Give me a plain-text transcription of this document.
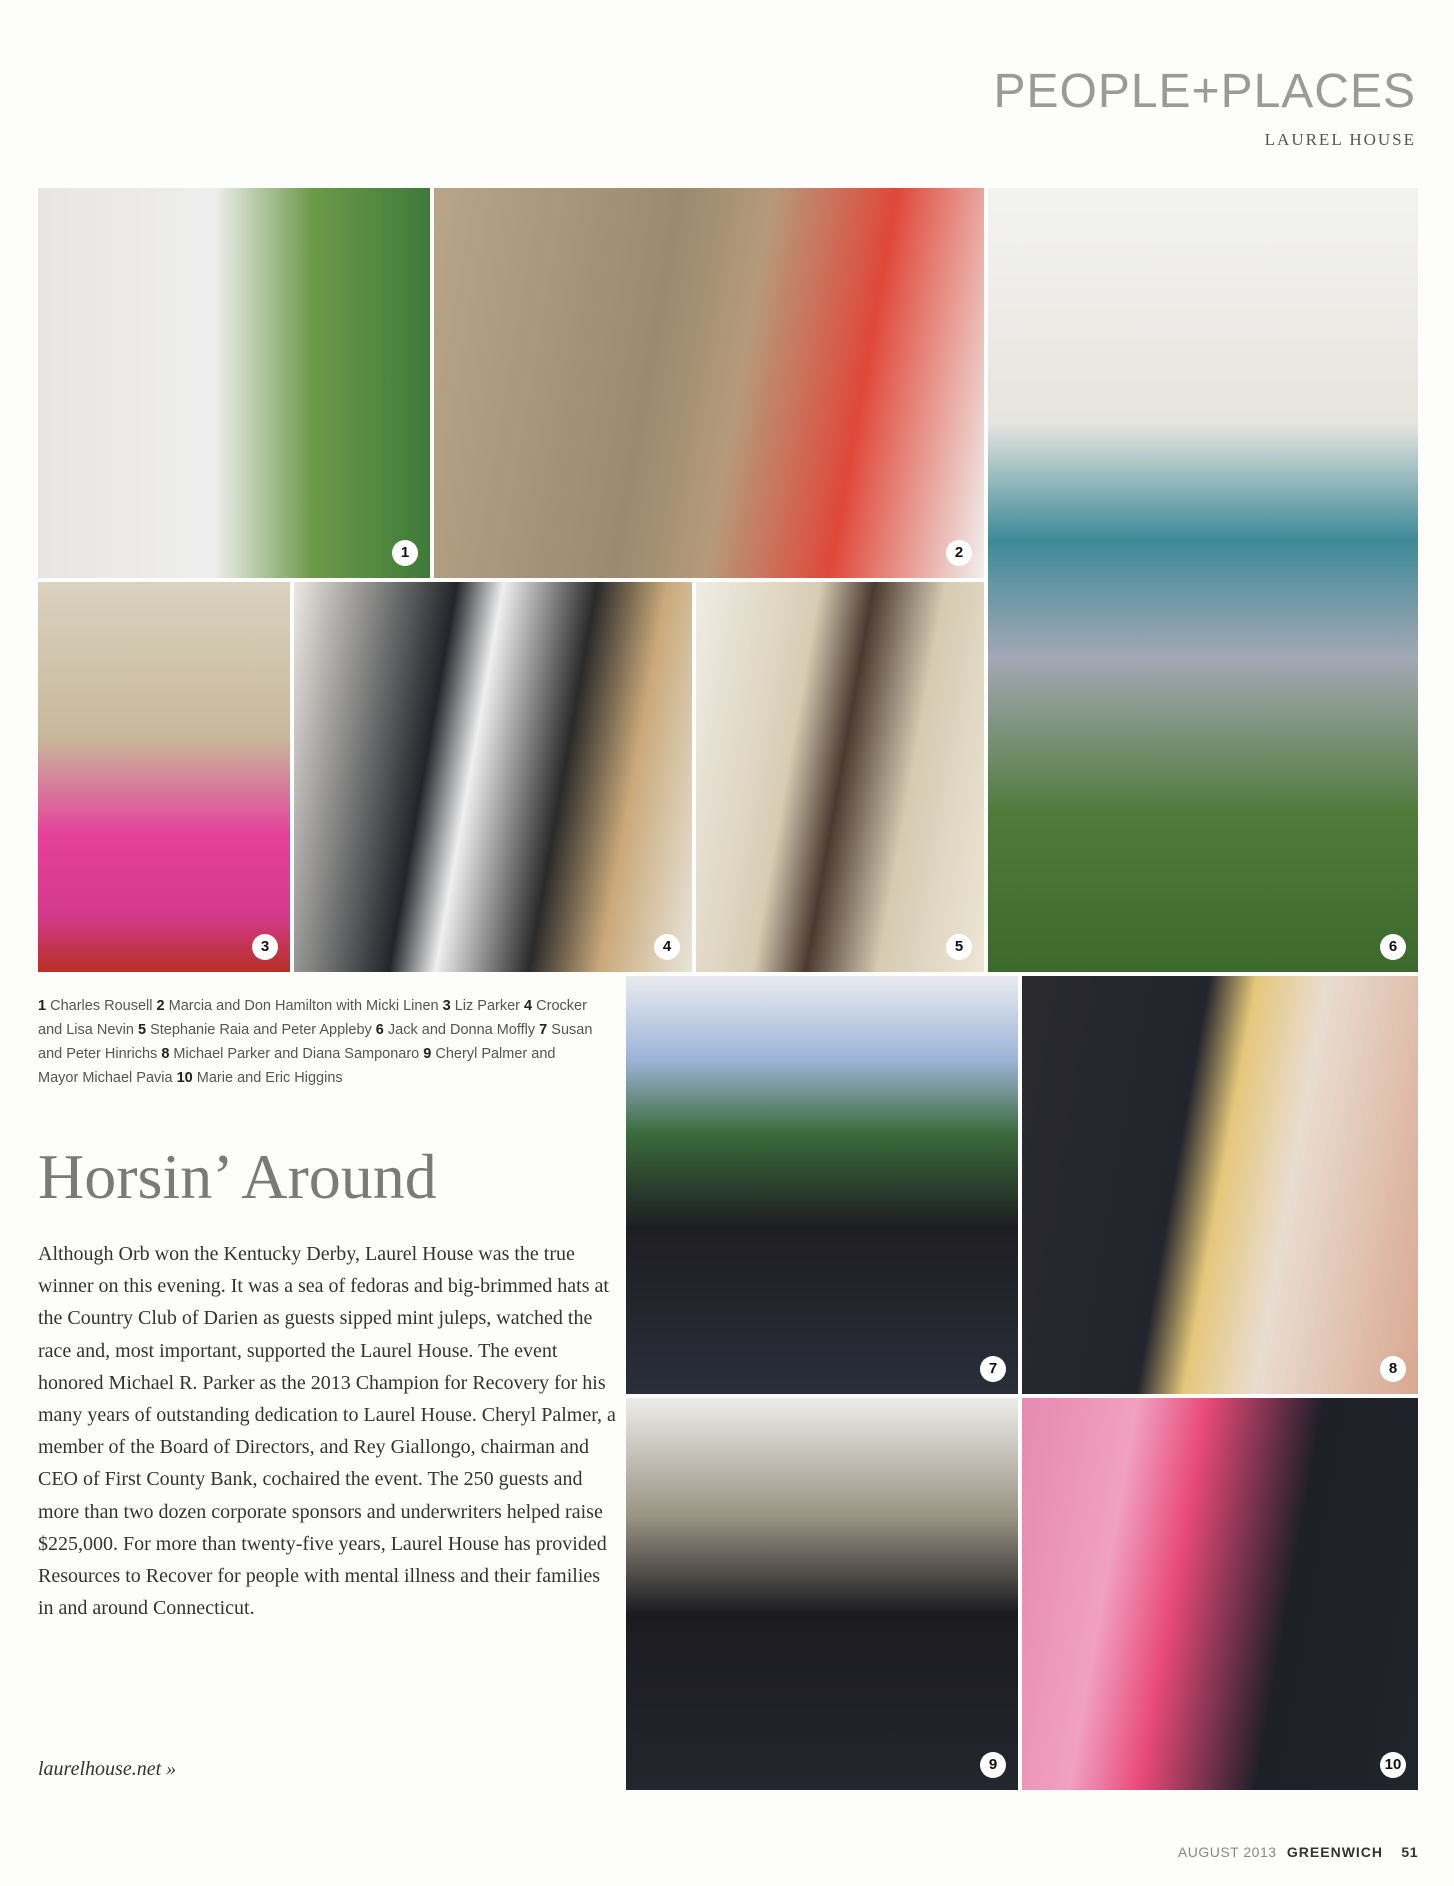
PEOPLE+PLACES
LAUREL HOUSE
1	2
6
3	4	5
1 Charles Rousell 2 Marcia and Don Hamilton with Micki Linen 3 Liz Parker 4 Crocker and Lisa Nevin 5 Stephanie Raia and Peter Appleby 6 Jack and Donna Moffly 7 Susan and Peter Hinrichs 8 Michael Parker and Diana Samponaro 9 Cheryl Palmer and Mayor Michael Pavia 10 Marie and Eric Higgins
Horsin’ Around

Although Orb won the Kentucky Derby, Laurel House was the true winner on this evening. It was a sea of fedoras and big-brimmed hats at the Country Club of Darien as guests sipped mint juleps, watched the race and, most important, supported the Laurel House. The event honored Michael R. Parker as the 2013 Champion for Recovery for his many years of outstanding dedication to Laurel House. Cheryl Palmer, a member of the Board of Directors, and Rey Giallongo, chairman and CEO of First County Bank, cochaired the event. The 250 guests and more than two dozen corporate sponsors and underwriters helped raise $225,000. For more than twenty-five years, Laurel House has provided Resources to Recover for people with mental illness and their families in and around Connecticut.

laurelhouse.net »
7	8
9	10
AUGUST 2013 GREENWICH 51
